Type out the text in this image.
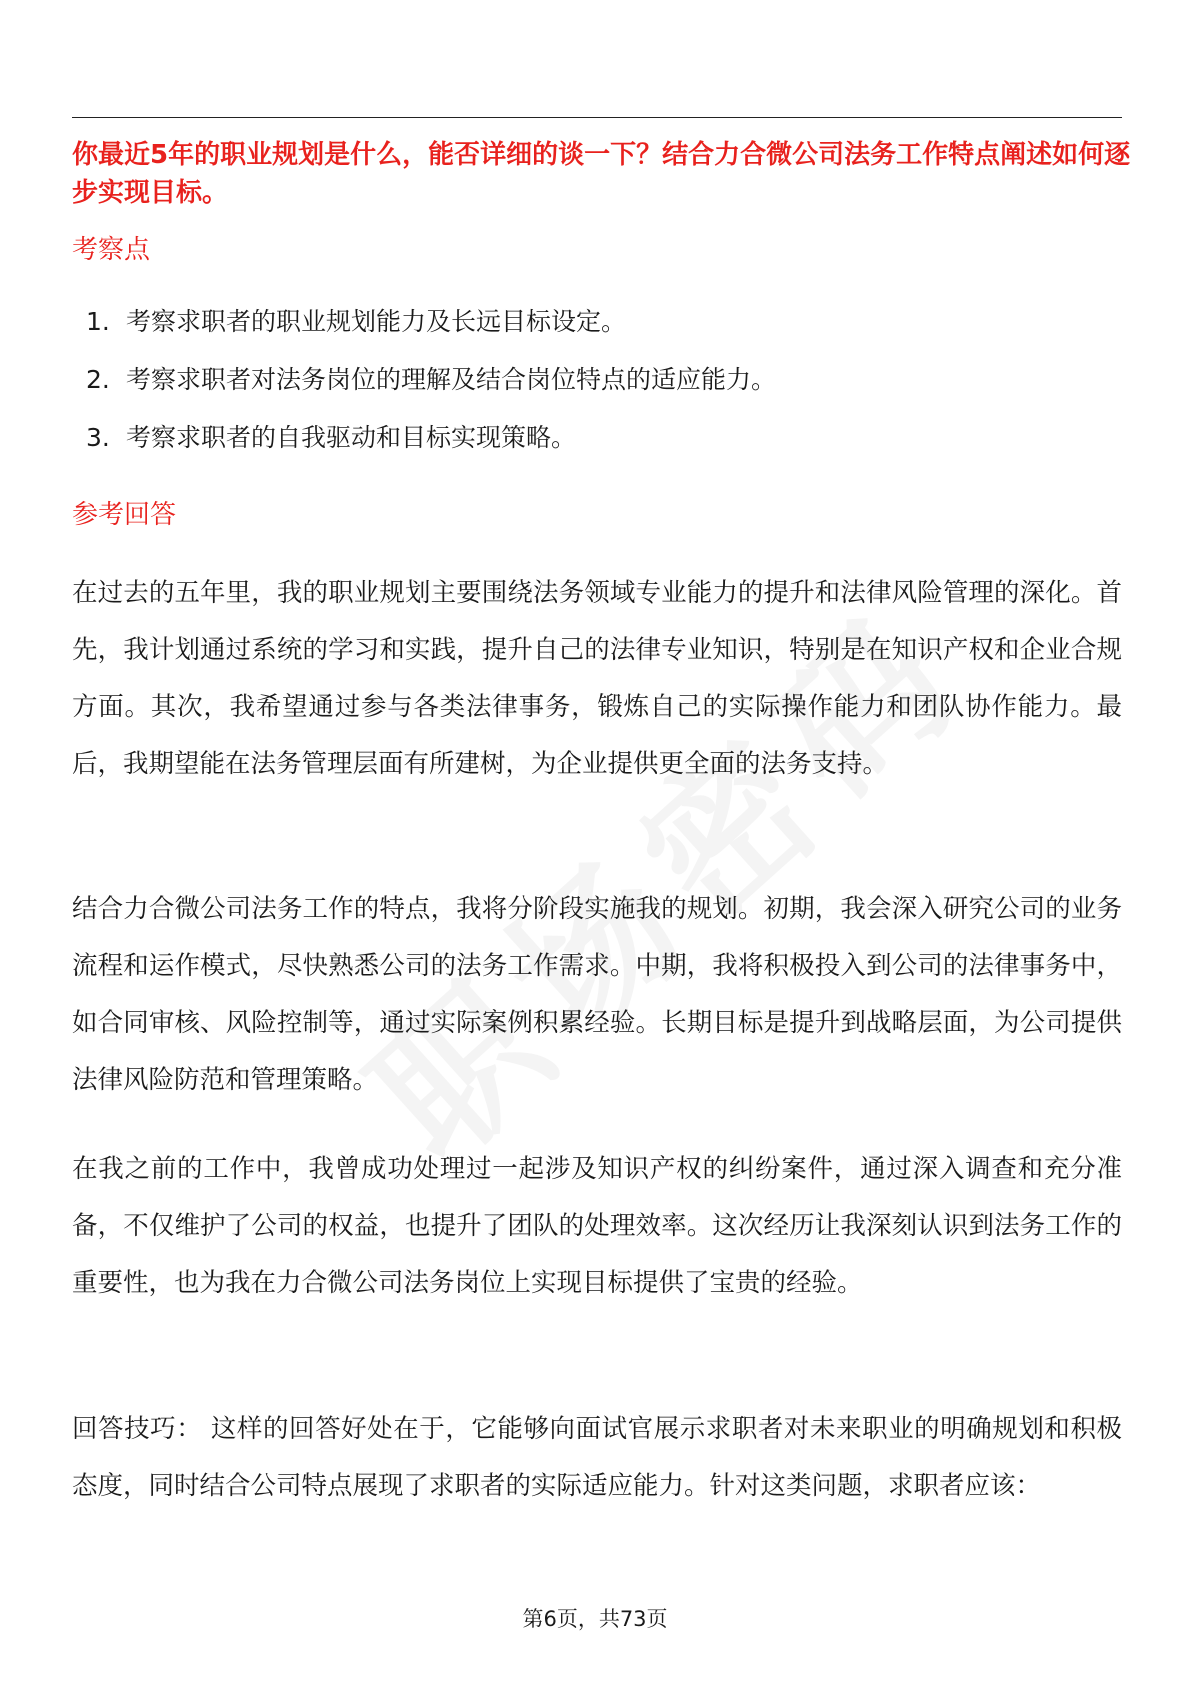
你最近5年的职业规划是什么，能否详细的谈一下？结合力合微公司法务工作特点阐述如何逐步实现目标。
考察点
1. 考察求职者的职业规划能力及长远目标设定。
2. 考察求职者对法务岗位的理解及结合岗位特点的适应能力。
3. 考察求职者的自我驱动和目标实现策略。
参考回答

在过去的五年里，我的职业规划主要围绕法务领域专业能力的提升和法律风险管理的深化。首先，我计划通过系统的学习和实践，提升自己的法律专业知识，特别是在知识产权和企业合规方面。其次，我希望通过参与各类法律事务，锻炼自己的实际操作能力和团队协作能力。最后，我期望能在法务管理层面有所建树，为企业提供更全面的法务支持。

结合力合微公司法务工作的特点，我将分阶段实施我的规划。初期，我会深入研究公司的业务流程和运作模式，尽快熟悉公司的法务工作需求。中期，我将积极投入到公司的法律事务中，如合同审核、风险控制等，通过实际案例积累经验。长期目标是提升到战略层面，为公司提供法律风险防范和管理策略。

在我之前的工作中，我曾成功处理过一起涉及知识产权的纠纷案件，通过深入调查和充分准备，不仅维护了公司的权益，也提升了团队的处理效率。这次经历让我深刻认识到法务工作的重要性，也为我在力合微公司法务岗位上实现目标提供了宝贵的经验。

回答技巧： 这样的回答好处在于，它能够向面试官展示求职者对未来职业的明确规划和积极态度，同时结合公司特点展现了求职者的实际适应能力。针对这类问题，求职者应该：

第6页，共73页
